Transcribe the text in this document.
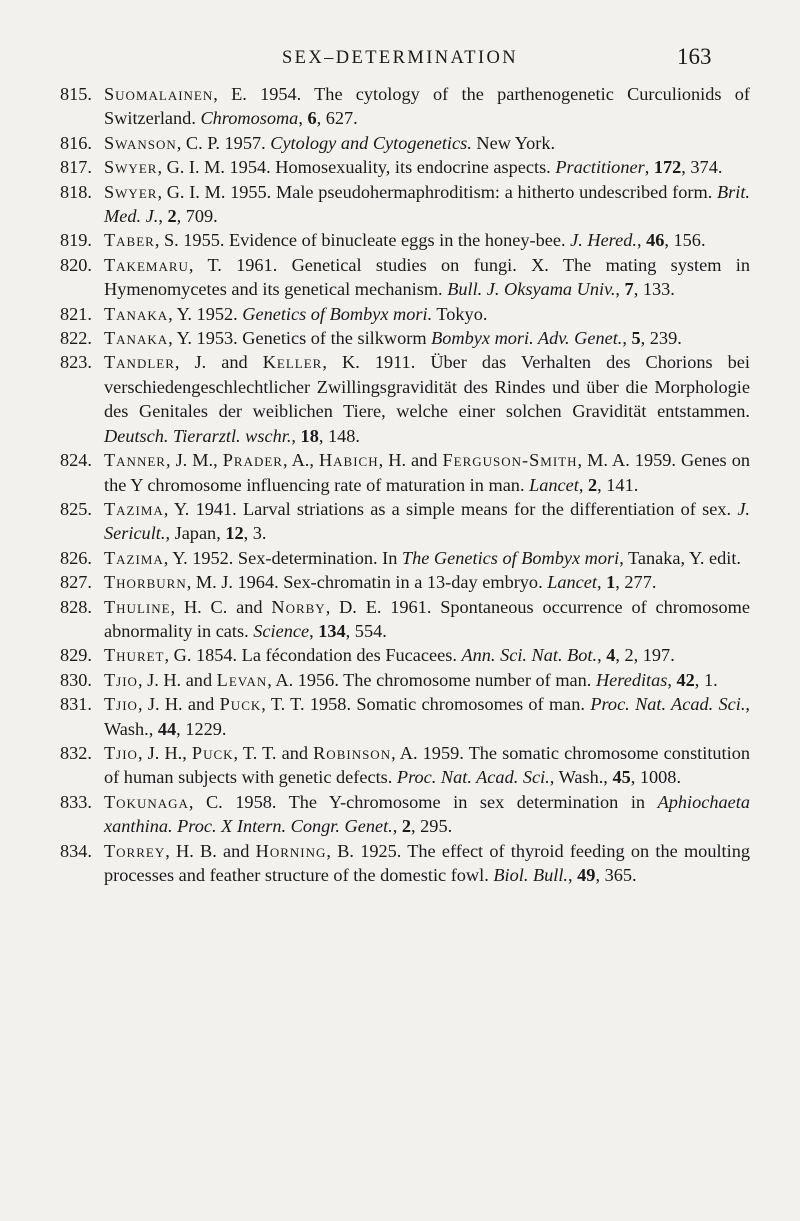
SEX–DETERMINATION	163
815. Suomalainen, E. 1954. The cytology of the parthenogenetic Curculionids of Switzerland. Chromosoma, 6, 627.
816. Swanson, C. P. 1957. Cytology and Cytogenetics. New York.
817. Swyer, G. I. M. 1954. Homosexuality, its endocrine aspects. Practitioner, 172, 374.
818. Swyer, G. I. M. 1955. Male pseudohermaphroditism: a hitherto undescribed form. Brit. Med. J., 2, 709.
819. Taber, S. 1955. Evidence of binucleate eggs in the honey-bee. J. Hered., 46, 156.
820. Takemaru, T. 1961. Genetical studies on fungi. X. The mating system in Hymenomycetes and its genetical mechanism. Bull. J. Oksyama Univ., 7, 133.
821. Tanaka, Y. 1952. Genetics of Bombyx mori. Tokyo.
822. Tanaka, Y. 1953. Genetics of the silkworm Bombyx mori. Adv. Genet., 5, 239.
823. Tandler, J. and Keller, K. 1911. Über das Verhalten des Chorions bei verschiedengeschlechtlicher Zwillingsgravidität des Rindes und über die Morphologie des Genitales der weiblichen Tiere, welche einer solchen Gravidität entstammen. Deutsch. Tierarztl. wschr., 18, 148.
824. Tanner, J. M., Prader, A., Habich, H. and Ferguson-Smith, M. A. 1959. Genes on the Y chromosome influencing rate of maturation in man. Lancet, 2, 141.
825. Tazima, Y. 1941. Larval striations as a simple means for the differentiation of sex. J. Sericult., Japan, 12, 3.
826. Tazima, Y. 1952. Sex-determination. In The Genetics of Bombyx mori, Tanaka, Y. edit.
827. Thorburn, M. J. 1964. Sex-chromatin in a 13-day embryo. Lancet, 1, 277.
828. Thuline, H. C. and Norby, D. E. 1961. Spontaneous occurrence of chromosome abnormality in cats. Science, 134, 554.
829. Thuret, G. 1854. La fécondation des Fucacees. Ann. Sci. Nat. Bot., 4, 2, 197.
830. Tjio, J. H. and Levan, A. 1956. The chromosome number of man. Hereditas, 42, 1.
831. Tjio, J. H. and Puck, T. T. 1958. Somatic chromosomes of man. Proc. Nat. Acad. Sci., Wash., 44, 1229.
832. Tjio, J. H., Puck, T. T. and Robinson, A. 1959. The somatic chromosome constitution of human subjects with genetic defects. Proc. Nat. Acad. Sci., Wash., 45, 1008.
833. Tokunaga, C. 1958. The Y-chromosome in sex determination in Aphiochaeta xanthina. Proc. X Intern. Congr. Genet., 2, 295.
834. Torrey, H. B. and Horning, B. 1925. The effect of thyroid feeding on the moulting processes and feather structure of the domestic fowl. Biol. Bull., 49, 365.
